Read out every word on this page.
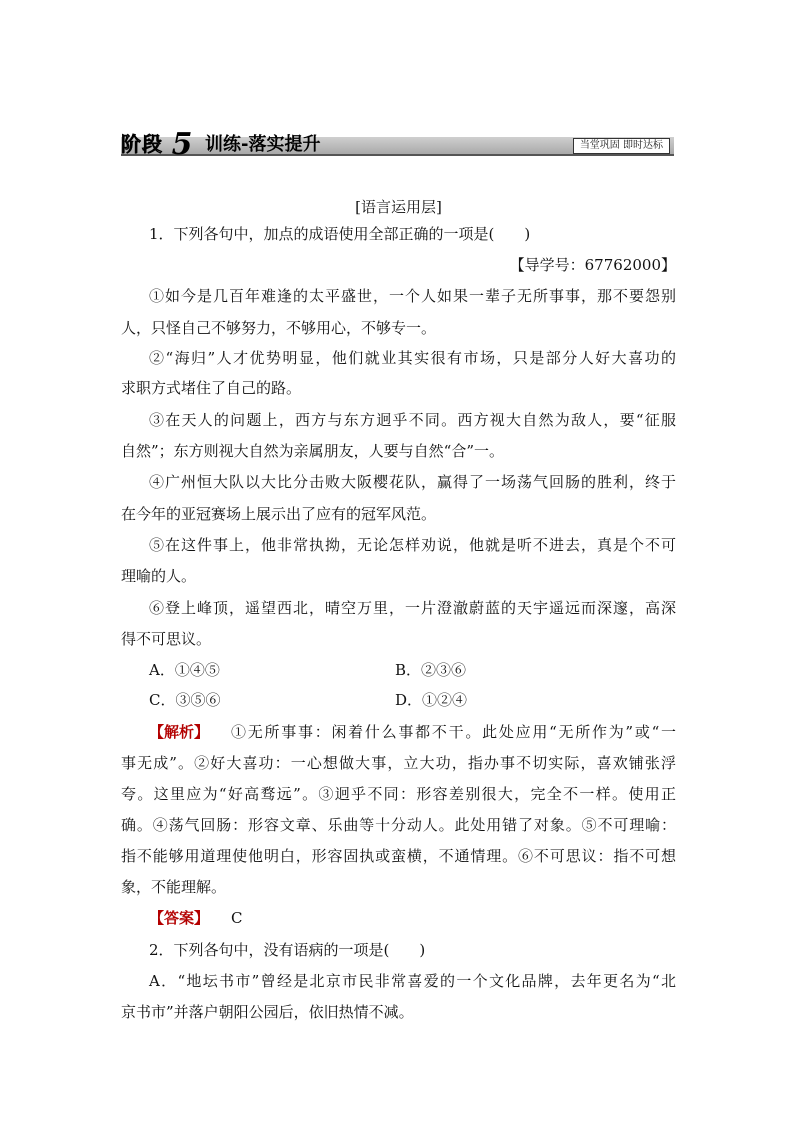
阶段 5 训练-落实提升	当堂巩固 即时达标
[语言运用层]
1．下列各句中，加点的成语使用全部正确的一项是(　　)
【导学号：67762000】
①如今是几百年难逢的太平盛世，一个人如果一辈子无所事事，那不要怨别
人，只怪自己不够努力，不够用心，不够专一。
②“海归”人才优势明显，他们就业其实很有市场，只是部分人好大喜功的
求职方式堵住了自己的路。
③在天人的问题上，西方与东方迥乎不同。西方视大自然为敌人，要“征服
自然”；东方则视大自然为亲属朋友，人要与自然“合”一。
④广州恒大队以大比分击败大阪樱花队，赢得了一场荡气回肠的胜利，终于
在今年的亚冠赛场上展示出了应有的冠军风范。
⑤在这件事上，他非常执拗，无论怎样劝说，他就是听不进去，真是个不可
理喻的人。
⑥登上峰顶，遥望西北，晴空万里，一片澄澈蔚蓝的天宇遥远而深邃，高深
得不可思议。
A．①④⑤	B．②③⑥
C．③⑤⑥	D．①②④
【解析】 ①无所事事：闲着什么事都不干。此处应用“无所作为”或“一
事无成”。②好大喜功：一心想做大事，立大功，指办事不切实际，喜欢铺张浮
夸。这里应为“好高骛远”。③迥乎不同：形容差别很大，完全不一样。使用正
确。④荡气回肠：形容文章、乐曲等十分动人。此处用错了对象。⑤不可理喻：
指不能够用道理使他明白，形容固执或蛮横，不通情理。⑥不可思议：指不可想
象，不能理解。
【答案】 C
2．下列各句中，没有语病的一项是(　　)
A．“地坛书市”曾经是北京市民非常喜爱的一个文化品牌，去年更名为“北
京书市”并落户朝阳公园后，依旧热情不减。
